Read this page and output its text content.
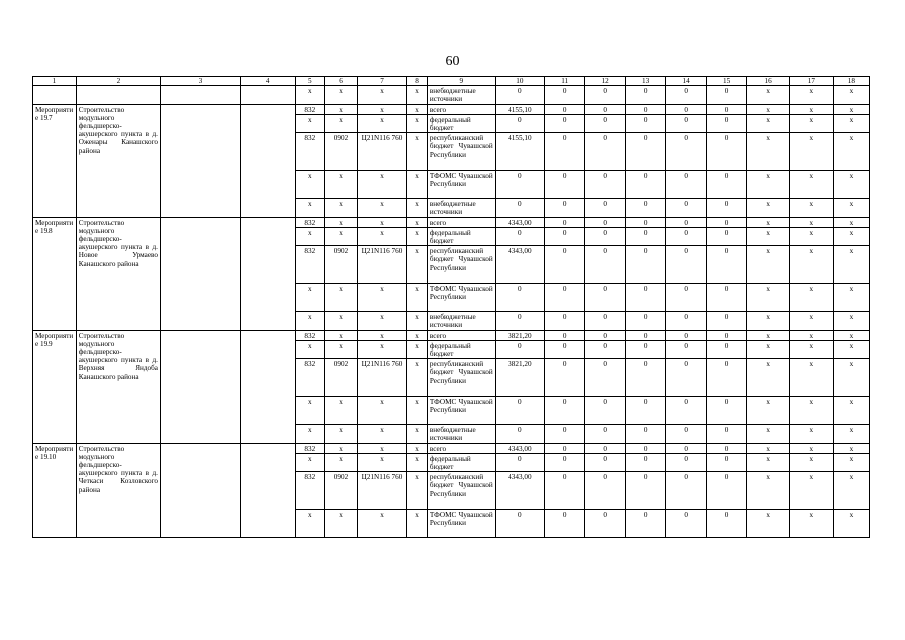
60
1	2	3	4	5	6	7	8	9	10	11	12	13	14	15	16	17	18
				х	х	х	х	внебюджетные источники	0	0	0	0	0	0	х	х	х
Мероприятие 19.7	Строительство модульного фельдшерско-акушерского пункта в д. Оженары Канашского района			832	х	х	х	всего	4155,10	0	0	0	0	0	х	х	х
				х	х	х	х	федеральный бюджет	0	0	0	0	0	0	х	х	х
				832	0902	Ц21N116 760	х	республиканский бюджет Чувашской Республики	4155,10	0	0	0	0	0	х	х	х
				х	х	х	х	ТФОМС Чувашской Республики	0	0	0	0	0	0	х	х	х
				х	х	х	х	внебюджетные источники	0	0	0	0	0	0	х	х	х
Мероприятие 19.8	Строительство модульного фельдшерско-акушерского пункта в д. Новое Урмаево Канашского района			832	х	х	х	всего	4343,00	0	0	0	0	0	х	х	х
				х	х	х	х	федеральный бюджет	0	0	0	0	0	0	х	х	х
				832	0902	Ц21N116 760	х	республиканский бюджет Чувашской Республики	4343,00	0	0	0	0	0	х	х	х
				х	х	х	х	ТФОМС Чувашской Республики	0	0	0	0	0	0	х	х	х
				х	х	х	х	внебюджетные источники	0	0	0	0	0	0	х	х	х
Мероприятие 19.9	Строительство модульного фельдшерско-акушерского пункта в д. Верхняя Яндоба Канашского района			832	х	х	х	всего	3821,20	0	0	0	0	0	х	х	х
				х	х	х	х	федеральный бюджет	0	0	0	0	0	0	х	х	х
				832	0902	Ц21N116 760	х	республиканский бюджет Чувашской Республики	3821,20	0	0	0	0	0	х	х	х
				х	х	х	х	ТФОМС Чувашской Республики	0	0	0	0	0	0	х	х	х
				х	х	х	х	внебюджетные источники	0	0	0	0	0	0	х	х	х
Мероприятие 19.10	Строительство модульного фельдшерско-акушерского пункта в д. Четкаси Козловского района			832	х	х	х	всего	4343,00	0	0	0	0	0	х	х	х
				х	х	х	х	федеральный бюджет	0	0	0	0	0	0	х	х	х
				832	0902	Ц21N116 760	х	республиканский бюджет Чувашской Республики	4343,00	0	0	0	0	0	х	х	х
				х	х	х	х	ТФОМС Чувашской Республики	0	0	0	0	0	0	х	х	х
